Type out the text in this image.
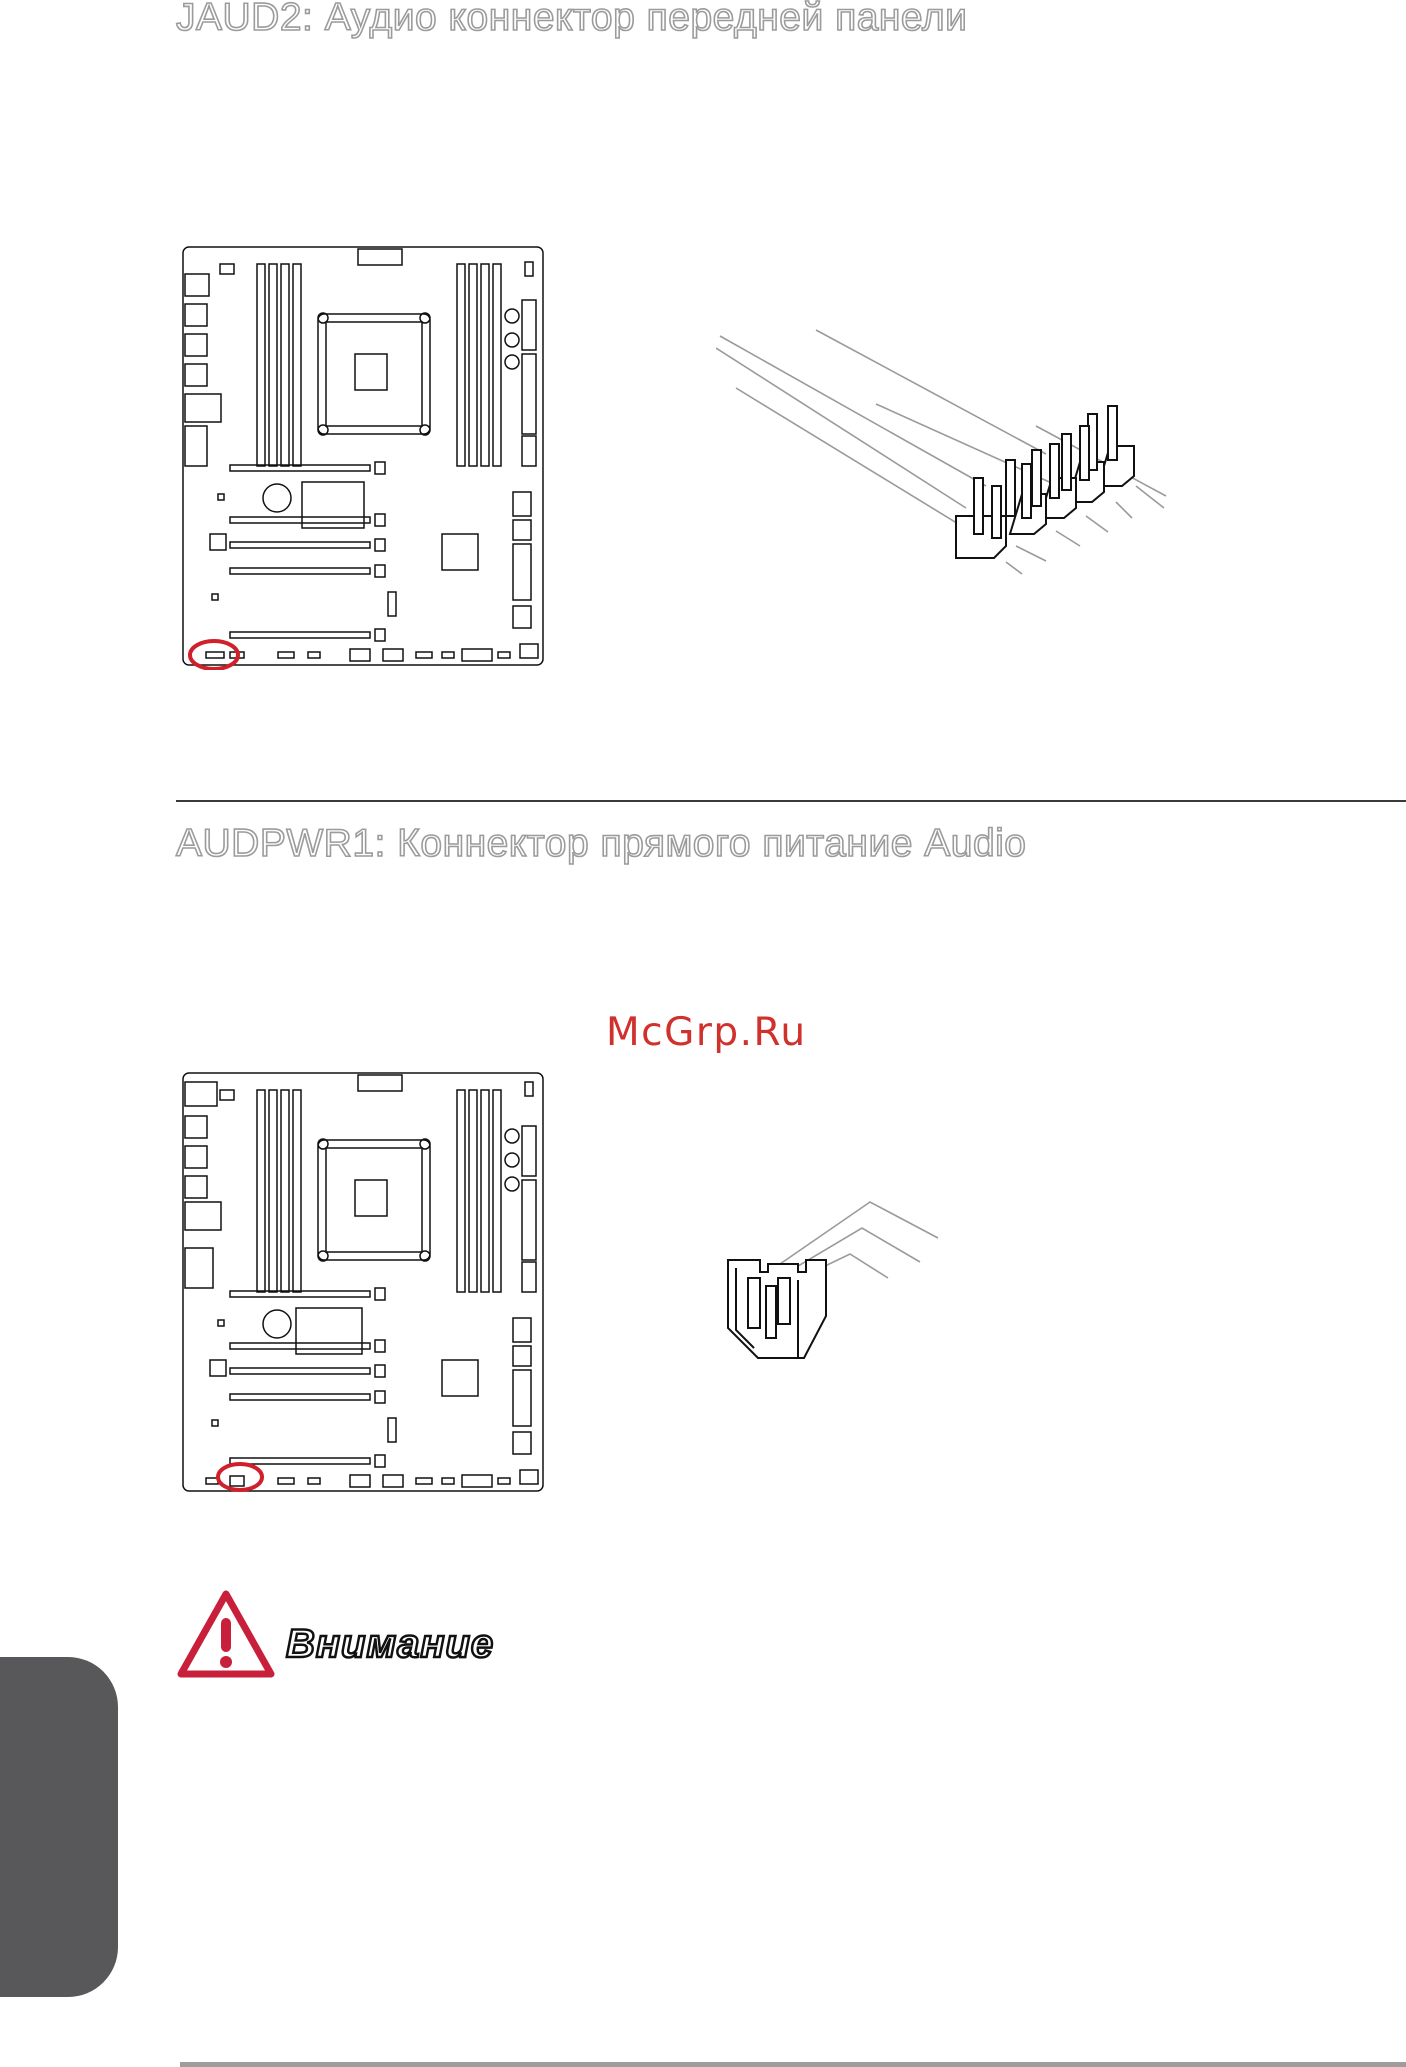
JAUD2: Аудио коннектор передней панели
AUDPWR1: Коннектор прямого питание Audio
McGrp.Ru
Внимание
